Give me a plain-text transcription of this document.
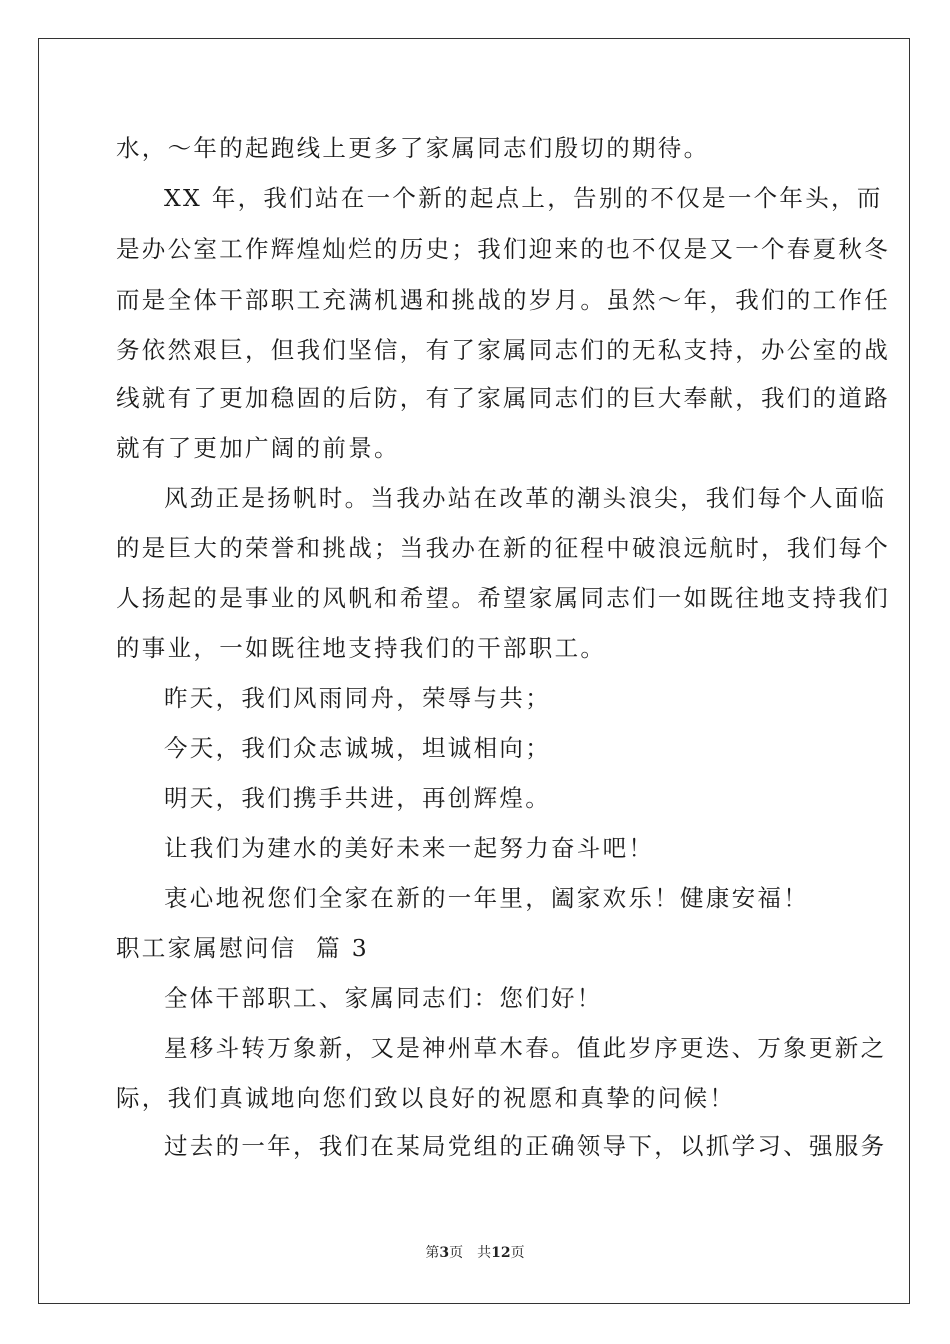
水，～年的起跑线上更多了家属同志们殷切的期待。
XX 年，我们站在一个新的起点上，告别的不仅是一个年头，而
是办公室工作辉煌灿烂的历史；我们迎来的也不仅是又一个春夏秋冬
而是全体干部职工充满机遇和挑战的岁月。虽然～年，我们的工作任
务依然艰巨，但我们坚信，有了家属同志们的无私支持，办公室的战
线就有了更加稳固的后防，有了家属同志们的巨大奉献，我们的道路
就有了更加广阔的前景。
风劲正是扬帆时。当我办站在改革的潮头浪尖，我们每个人面临
的是巨大的荣誉和挑战；当我办在新的征程中破浪远航时，我们每个
人扬起的是事业的风帆和希望。希望家属同志们一如既往地支持我们
的事业，一如既往地支持我们的干部职工。
昨天，我们风雨同舟，荣辱与共；
今天，我们众志诚城，坦诚相向；
明天，我们携手共进，再创辉煌。
让我们为建水的美好未来一起努力奋斗吧！
衷心地祝您们全家在新的一年里，阖家欢乐！健康安福！
职工家属慰问信  篇 3
全体干部职工、家属同志们：您们好！
星移斗转万象新，又是神州草木春。值此岁序更迭、万象更新之
际，我们真诚地向您们致以良好的祝愿和真挚的问候！
过去的一年，我们在某局党组的正确领导下，以抓学习、强服务
第3页 共12页
